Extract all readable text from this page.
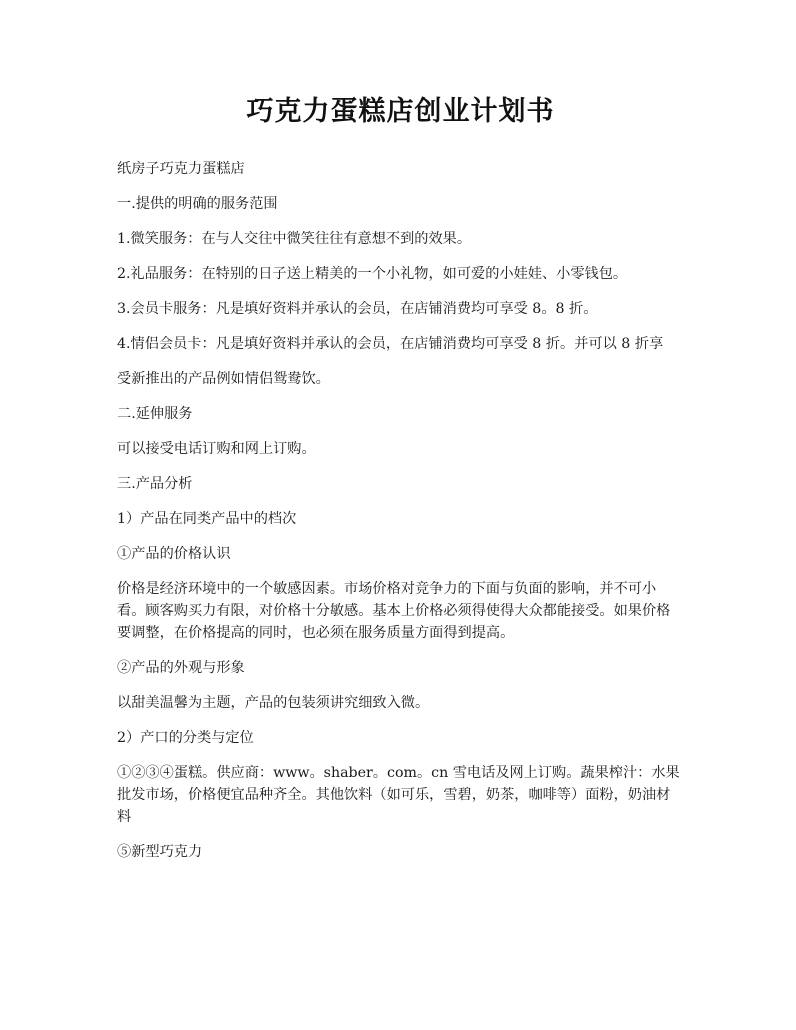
巧克力蛋糕店创业计划书

纸房子巧克力蛋糕店

一.提供的明确的服务范围

1.微笑服务：在与人交往中微笑往往有意想不到的效果。

2.礼品服务：在特别的日子送上精美的一个小礼物，如可爱的小娃娃、小零钱包。

3.会员卡服务：凡是填好资料并承认的会员，在店铺消费均可享受 8。8 折。

4.情侣会员卡：凡是填好资料并承认的会员，在店铺消费均可享受 8 折。并可以 8 折享

受新推出的产品例如情侣鸳鸯饮。

二.延伸服务

可以接受电话订购和网上订购。

三.产品分析

1）产品在同类产品中的档次

①产品的价格认识

价格是经济环境中的一个敏感因素。市场价格对竞争力的下面与负面的影响，并不可小看。顾客购买力有限，对价格十分敏感。基本上价格必须得使得大众都能接受。如果价格要调整，在价格提高的同时，也必须在服务质量方面得到提高。

②产品的外观与形象

以甜美温馨为主题，产品的包装须讲究细致入微。

2）产口的分类与定位

①②③④蛋糕。供应商：www。shaber。com。cn 雪电话及网上订购。蔬果榨汁：水果批发市场，价格便宜品种齐全。其他饮料（如可乐，雪碧，奶茶，咖啡等）面粉，奶油材料

⑤新型巧克力
